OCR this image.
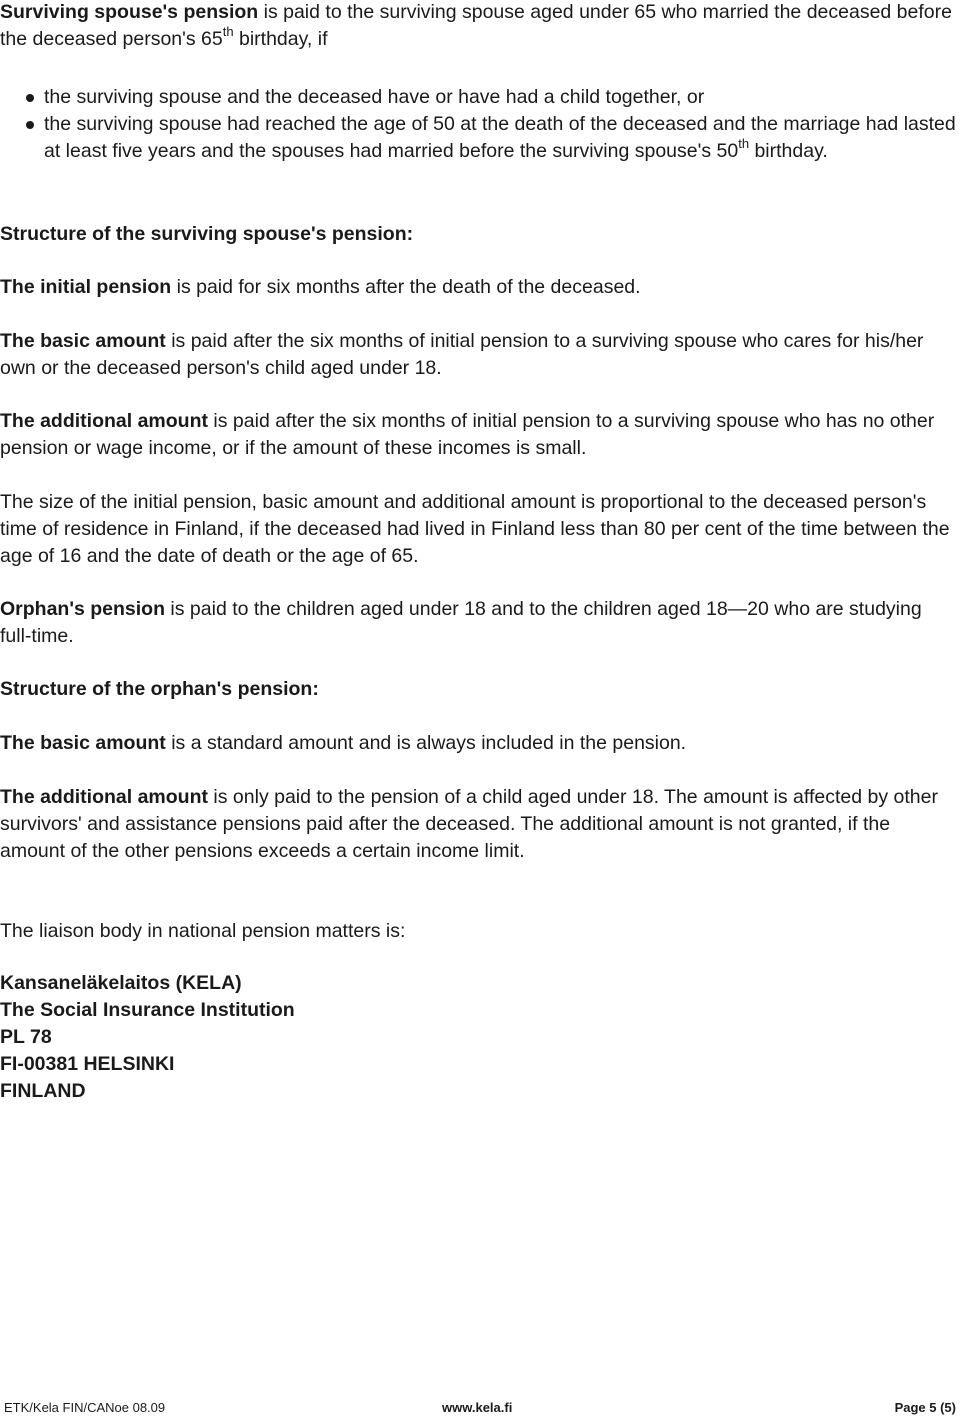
Surviving spouse's pension is paid to the surviving spouse aged under 65 who married the deceased before the deceased person's 65th birthday, if

the surviving spouse and the deceased have or have had a child together, or
the surviving spouse had reached the age of 50 at the death of the deceased and the marriage had lasted at least five years and the spouses had married before the surviving spouse's 50th birthday.

Structure of the surviving spouse's pension:

The initial pension is paid for six months after the death of the deceased.

The basic amount is paid after the six months of initial pension to a surviving spouse who cares for his/her own or the deceased person's child aged under 18.

The additional amount is paid after the six months of initial pension to a surviving spouse who has no other pension or wage income, or if the amount of these incomes is small.

The size of the initial pension, basic amount and additional amount is proportional to the deceased person's time of residence in Finland, if the deceased had lived in Finland less than 80 per cent of the time between the age of 16 and the date of death or the age of 65.

Orphan's pension is paid to the children aged under 18 and to the children aged 18—20 who are studying full-time.

Structure of the orphan's pension:

The basic amount is a standard amount and is always included in the pension.

The additional amount is only paid to the pension of a child aged under 18. The amount is affected by other survivors' and assistance pensions paid after the deceased. The additional amount is not granted, if the amount of the other pensions exceeds a certain income limit.

The liaison body in national pension matters is:

Kansaneläkelaitos (KELA)
The Social Insurance Institution
PL 78
FI-00381 HELSINKI
FINLAND
ETK/Kela FIN/CANoe 08.09	www.kela.fi	Page 5 (5)
